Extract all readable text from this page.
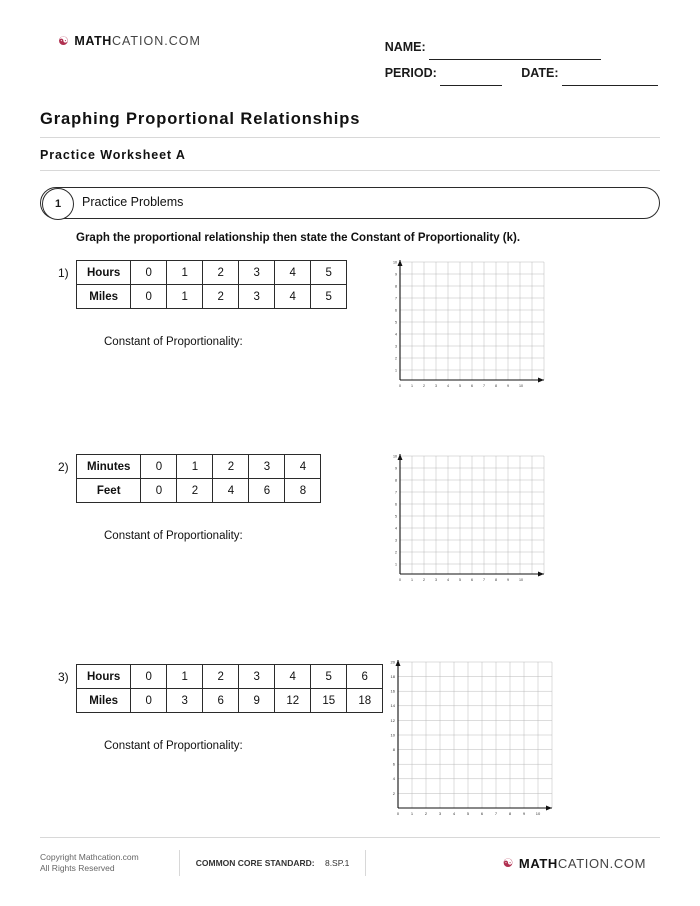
☯ MATH CATION.COM	NAME:
PERIOD:	DATE:
Graphing Proportional Relationships
Practice Worksheet A
1	Practice Problems
Graph the proportional relationship then state the Constant of Proportionality (k).
1) Hours	0	1	2	3	4	5
Miles	0	1	2	3	4	5
Constant of Proportionality:
0	1	2	3	4	5	6	7	8	9	10
1
2
3
4
5
6
7
8
9
10
2) Minutes	0	1	2	3	4
Feet	0	2	4	6	8
Constant of Proportionality:
0	1	2	3	4	5	6	7	8	9	10
1
2
3
4
5
6
7
8
9
10
3) Hours	0	1	2	3	4	5	6
Miles	0	3	6	9	12	15	18
Constant of Proportionality:
0	1	2	3	4	5	6	7	8	9	10
2
4
6
8
10
12
14
16
18
20
Copyright Mathcation.com
All Rights Reserved	COMMON CORE STANDARD: 8.SP.1	☯ MATH CATION.COM
